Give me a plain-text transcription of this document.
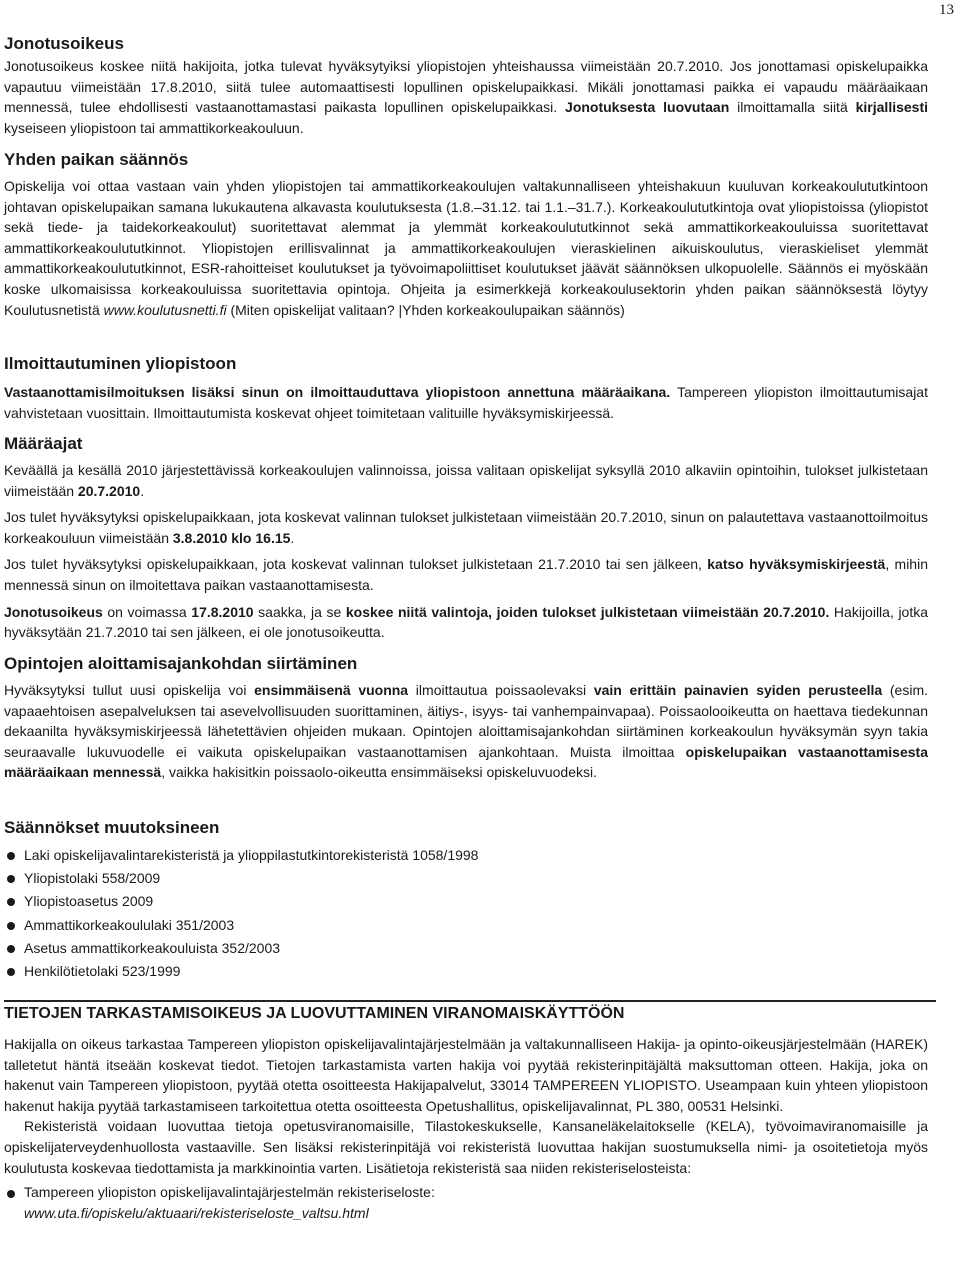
13
Jonotusoikeus

Jonotusoikeus koskee niitä hakijoita, jotka tulevat hyväksytyiksi yliopistojen yhteishaussa viimeistään 20.7.2010. Jos jonottamasi opiskelupaikka vapautuu viimeistään 17.8.2010, siitä tulee automaattisesti lopullinen opiskelupaikkasi. Mikäli jonottamasi paikka ei vapaudu määräaikaan mennessä, tulee ehdollisesti vastaanottamastasi paikasta lopullinen opiskelupaikkasi. Jonotuksesta luovutaan ilmoittamalla siitä kirjallisesti kyseiseen yliopistoon tai ammattikorkeakouluun.

Yhden paikan säännös

Opiskelija voi ottaa vastaan vain yhden yliopistojen tai ammattikorkeakoulujen valtakunnalliseen yhteishakuun kuuluvan korkeakoulututkintoon johtavan opiskelupaikan samana lukukautena alkavasta koulutuksesta (1.8.–31.12. tai 1.1.–31.7.). Korkeakoulututkintoja ovat yliopistoissa (yliopistot sekä tiede- ja taidekorkeakoulut) suoritettavat alemmat ja ylemmät korkeakoulututkinnot sekä ammattikorkeakouluissa suoritettavat ammattikorkeakoulututkinnot. Yliopistojen erillisvalinnat ja ammattikorkeakoulujen vieraskielinen aikuiskoulutus, vieraskieliset ylemmät ammattikorkeakoulututkinnot, ESR-rahoitteiset koulutukset ja työvoimapoliittiset koulutukset jäävät säännöksen ulkopuolelle. Säännös ei myöskään koske ulkomaisissa korkeakouluissa suoritettavia opintoja. Ohjeita ja esimerkkejä korkeakoulusektorin yhden paikan säännöksestä löytyy Koulutusnetistä www.koulutusnetti.fi (Miten opiskelijat valitaan? |Yhden korkeakoulupaikan säännös)

Ilmoittautuminen yliopistoon

Vastaanottamisilmoituksen lisäksi sinun on ilmoittauduttava yliopistoon annettuna määräaikana. Tampereen yliopiston ilmoittautumisajat vahvistetaan vuosittain. Ilmoittautumista koskevat ohjeet toimitetaan valituille hyväksymiskirjeessä.

Määräajat

Keväällä ja kesällä 2010 järjestettävissä korkeakoulujen valinnoissa, joissa valitaan opiskelijat syksyllä 2010 alkaviin opintoihin, tulokset julkistetaan viimeistään 20.7.2010.

Jos tulet hyväksytyksi opiskelupaikkaan, jota koskevat valinnan tulokset julkistetaan viimeistään 20.7.2010, sinun on palautettava vastaanottoilmoitus korkeakouluun viimeistään 3.8.2010 klo 16.15.

Jos tulet hyväksytyksi opiskelupaikkaan, jota koskevat valinnan tulokset julkistetaan 21.7.2010 tai sen jälkeen, katso hyväksymiskirjeestä, mihin mennessä sinun on ilmoitettava paikan vastaanottamisesta.

Jonotusoikeus on voimassa 17.8.2010 saakka, ja se koskee niitä valintoja, joiden tulokset julkistetaan viimeistään 20.7.2010. Hakijoilla, jotka hyväksytään 21.7.2010 tai sen jälkeen, ei ole jonotusoikeutta.

Opintojen aloittamisajankohdan siirtäminen

Hyväksytyksi tullut uusi opiskelija voi ensimmäisenä vuonna ilmoittautua poissaolevaksi vain erittäin painavien syiden perusteella (esim. vapaaehtoisen asepalveluksen tai asevelvollisuuden suorittaminen, äitiys-, isyys- tai vanhempainvapaa). Poissaolooikeutta on haettava tiedekunnan dekaanilta hyväksymiskirjeessä lähetettävien ohjeiden mukaan. Opintojen aloittamisajankohdan siirtäminen korkeakoulun hyväksymän syyn takia seuraavalle lukuvuodelle ei vaikuta opiskelupaikan vastaanottamisen ajankohtaan. Muista ilmoittaa opiskelupaikan vastaanottamisesta määräaikaan mennessä, vaikka hakisitkin poissaolo-oikeutta ensimmäiseksi opiskeluvuodeksi.

Säännökset muutoksineen
Laki opiskelijavalintarekisteristä ja ylioppilastutkintorekisteristä 1058/1998
Yliopistolaki 558/2009
Yliopistoasetus 2009
Ammattikorkeakoululaki 351/2003
Asetus ammattikorkeakouluista 352/2003
Henkilötietolaki 523/1999
TIETOJEN TARKASTAMISOIKEUS JA LUOVUTTAMINEN VIRANOMAISKÄYTTÖÖN

Hakijalla on oikeus tarkastaa Tampereen yliopiston opiskelijavalintajärjestelmään ja valtakunnalliseen Hakija- ja opinto-oikeusjärjestelmään (HAREK) talletetut häntä itseään koskevat tiedot. Tietojen tarkastamista varten hakija voi pyytää rekisterinpitäjältä maksuttoman otteen. Hakija, joka on hakenut vain Tampereen yliopistoon, pyytää otetta osoitteesta Hakijapalvelut, 33014 TAMPEREEN YLIOPISTO. Useampaan kuin yhteen yliopistoon hakenut hakija pyytää tarkastamiseen tarkoitettua otetta osoitteesta Opetushallitus, opiskelijavalinnat, PL 380, 00531 Helsinki.

Rekisteristä voidaan luovuttaa tietoja opetusviranomaisille, Tilastokeskukselle, Kansaneläkelaitokselle (KELA), työvoimaviranomaisille ja opiskelijaterveydenhuollosta vastaaville. Sen lisäksi rekisterinpitäjä voi rekisteristä luovuttaa hakijan suostumuksella nimi- ja osoitetietoja myös koulutusta koskevaa tiedottamista ja markkinointia varten. Lisätietoja rekisteristä saa niiden rekisteriselosteista:

Tampereen yliopiston opiskelijavalintajärjestelmän rekisteriseloste:
www.uta.fi/opiskelu/aktuaari/rekisteriseloste_valtsu.html
